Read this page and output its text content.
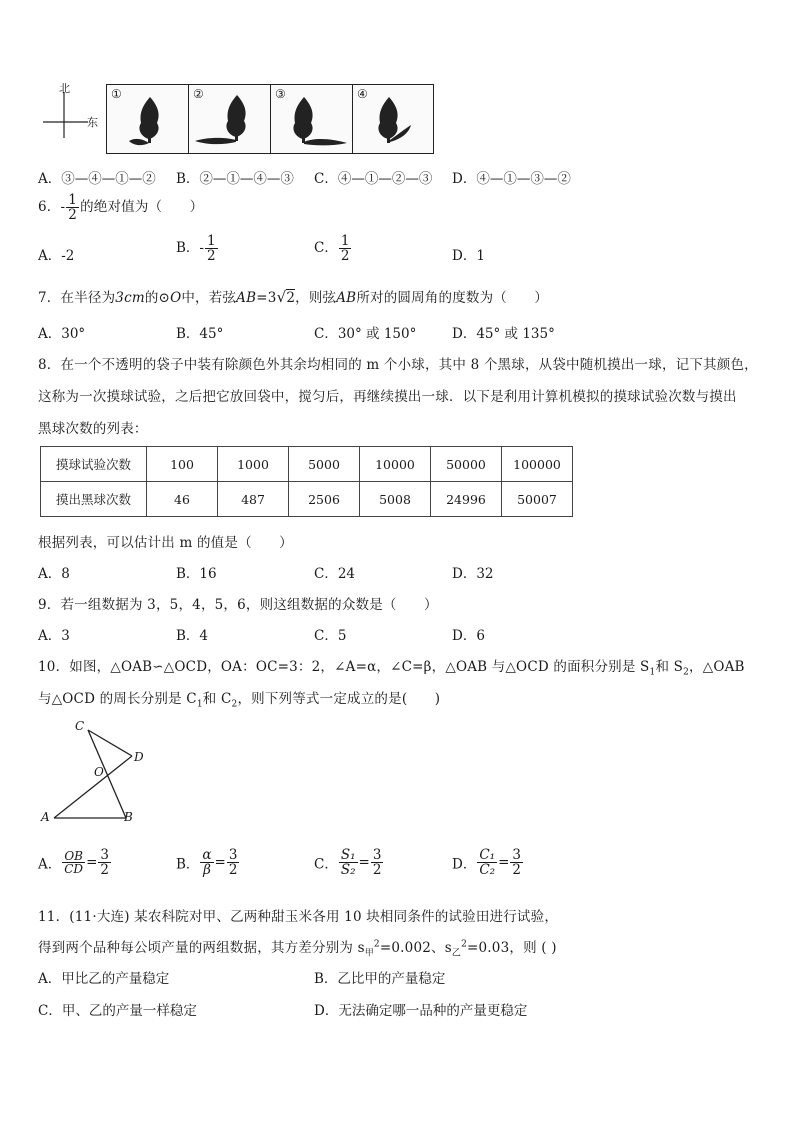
北
东
①	②	③	④
A．③—④—①—② B．②—①—④—③ C．④—①—②—③ D．④—①—③—②
6．- $\frac{1}{2}$ 的绝对值为（　　）
A．-2	B．- $\frac{1}{2}$	C． $\frac{1}{2}$	D．1
7．在半径为3cm的⊙O中，若弦AB=3√2，则弦AB所对的圆周角的度数为（　　）
A．30°	B．45°	C．30° 或 150°	D．45° 或 135°
8．在一个不透明的袋子中装有除颜色外其余均相同的 m 个小球，其中 8 个黑球，从袋中随机摸出一球，记下其颜色，
这称为一次摸球试验，之后把它放回袋中，搅匀后，再继续摸出一球．以下是利用计算机模拟的摸球试验次数与摸出
黑球次数的列表：
摸球试验次数	100	1000	5000	10000	50000	100000
摸出黑球次数	46	487	2506	5008	24996	50007
根据列表，可以估计出 m 的值是（　　）
A．8	B．16	C．24	D．32
9．若一组数据为 3，5，4，5，6，则这组数据的众数是（　　）
A．3	B．4	C．5	D．6
10．如图，△OAB∽△OCD，OA：OC=3：2，∠A=α，∠C=β，△OAB 与△OCD 的面积分别是 $S_1$和 $S_2$，△OAB
与△OCD 的周长分别是 $C_1$和 $C_2$，则下列等式一定成立的是(　　)
C
D
O
A	B
A． $\frac{OB}{CD} = \frac{3}{2}$	B． $\frac{\alpha}{\beta} = \frac{3}{2}$	C． $\frac{\text{S₁}}{\text{S₂}} = \frac{3}{2}$	D． $\frac{\text{C₁}}{\text{C₂}} = \frac{3}{2}$
11．(11·大连) 某农科院对甲、乙两种甜玉米各用 10 块相同条件的试验田进行试验，
得到两个品种每公顷产量的两组数据，其方差分别为 $s_甲^2=0.002$、$s_乙^2=0.03$，则 ( )
A．甲比乙的产量稳定	B．乙比甲的产量稳定
C．甲、乙的产量一样稳定	D．无法确定哪一品种的产量更稳定
